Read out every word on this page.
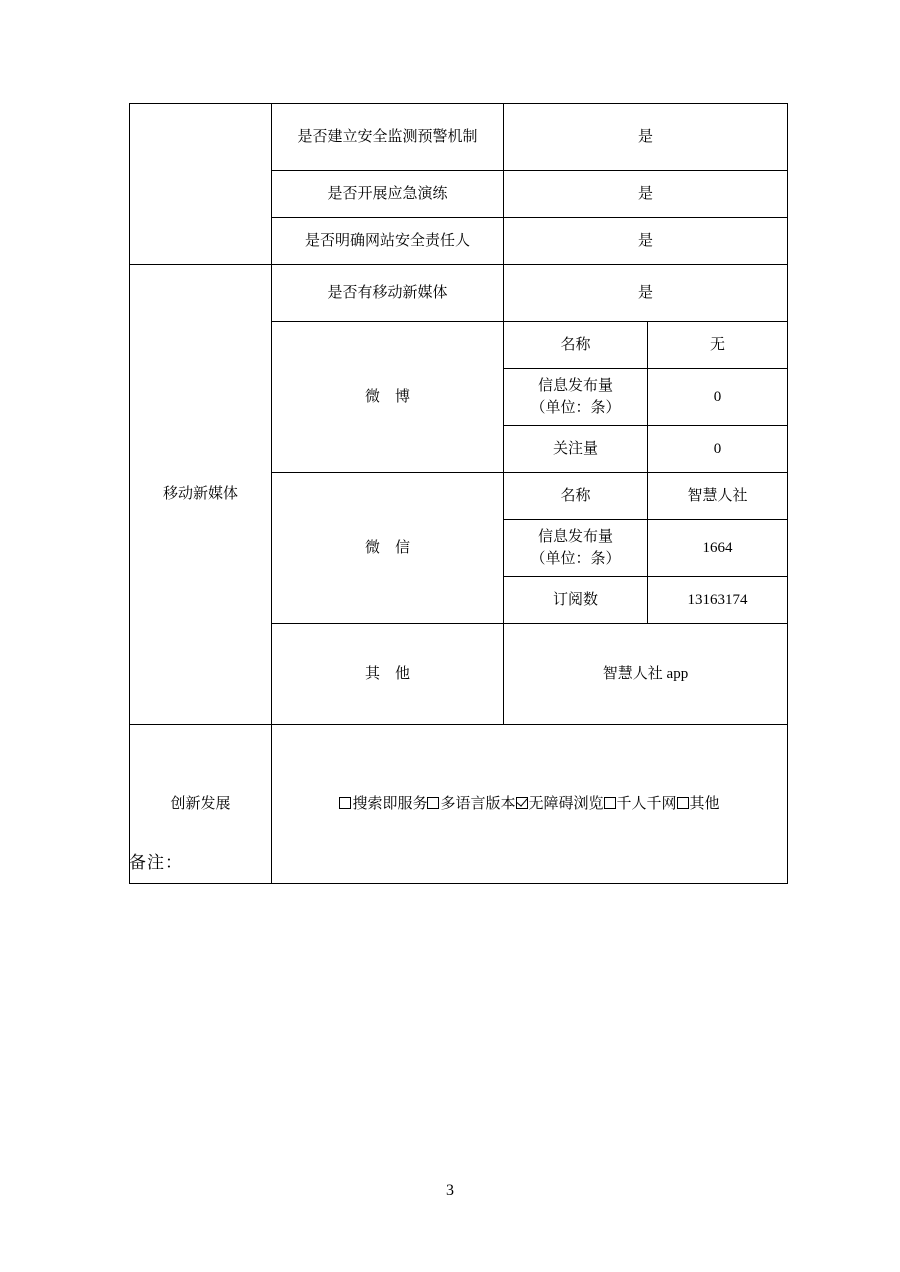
	是否建立安全监测预警机制	是	
	是否开展应急演练	是	
	是否明确网站安全责任人	是	
移动新媒体	是否有移动新媒体	是	
	微　博	名称	无

		信息发布量
（单位：条）	0
		关注量	0
	微　信	名称	智慧人社

		信息发布量
（单位：条）	1664
		订阅数	13163174
	其　他	智慧人社 app	
创新发展	搜索即服务 多语言版本 无障碍浏览 千人千网 其他		
备注：
3
